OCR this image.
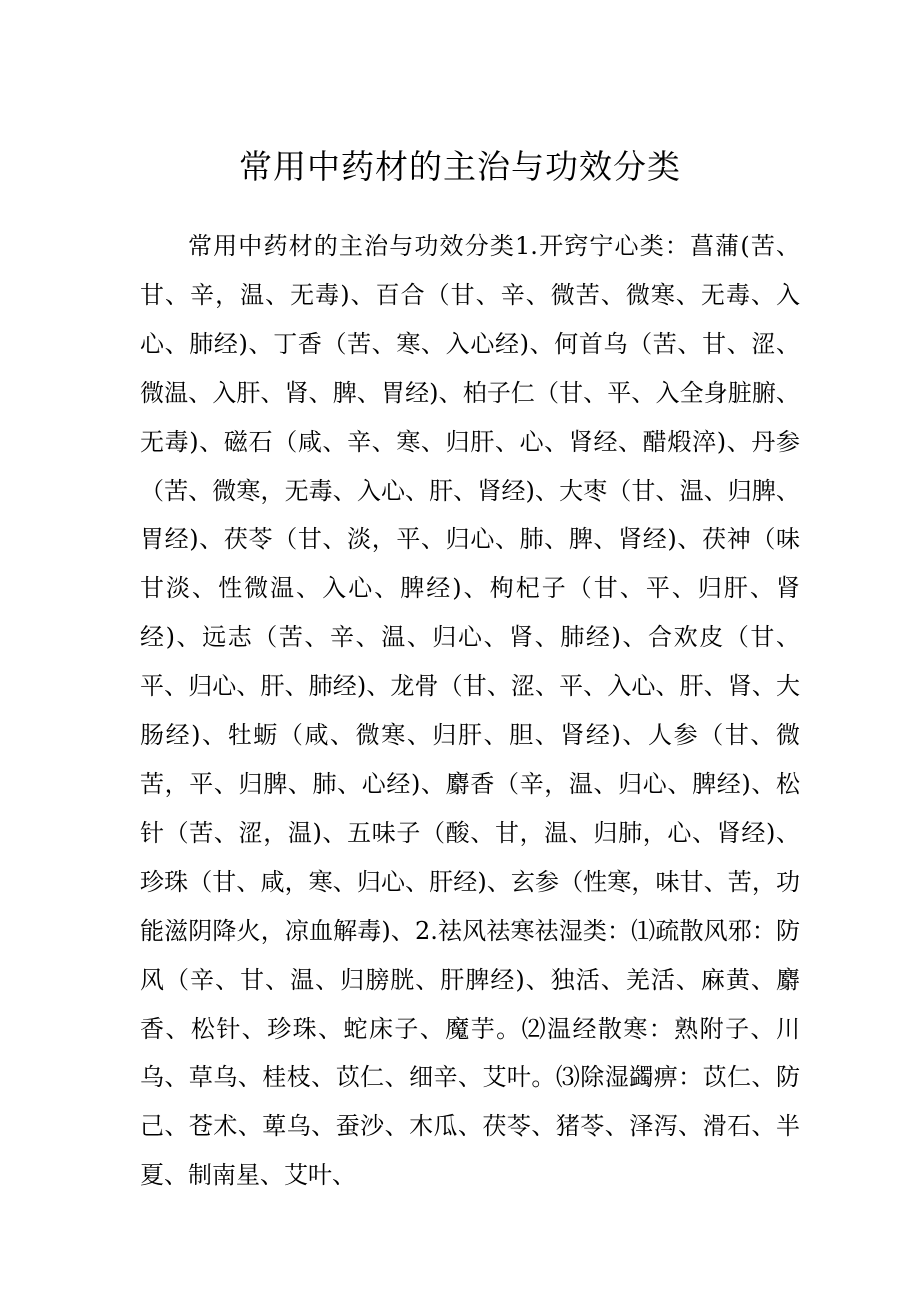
常用中药材的主治与功效分类

常用中药材的主治与功效分类1.开窍宁心类：菖蒲(苦、甘、辛，温、无毒)、百合（甘、辛、微苦、微寒、无毒、入心、肺经)、丁香（苦、寒、入心经)、何首乌（苦、甘、涩、微温、入肝、肾、脾、胃经)、柏子仁（甘、平、入全身脏腑、无毒)、磁石（咸、辛、寒、归肝、心、肾经、醋煅淬)、丹参（苦、微寒，无毒、入心、肝、肾经)、大枣（甘、温、归脾、胃经)、茯苓（甘、淡，平、归心、肺、脾、肾经)、茯神（味甘淡、性微温、入心、脾经)、枸杞子（甘、平、归肝、肾经)、远志（苦、辛、温、归心、肾、肺经)、合欢皮（甘、平、归心、肝、肺经)、龙骨（甘、涩、平、入心、肝、肾、大肠经)、牡蛎（咸、微寒、归肝、胆、肾经)、人参（甘、微苦，平、归脾、肺、心经)、麝香（辛，温、归心、脾经)、松针（苦、涩，温)、五味子（酸、甘，温、归肺，心、肾经)、珍珠（甘、咸，寒、归心、肝经)、玄参（性寒，味甘、苦，功能滋阴降火，凉血解毒)、2.祛风祛寒祛湿类：⑴疏散风邪：防风（辛、甘、温、归膀胱、肝脾经)、独活、羌活、麻黄、麝香、松针、珍珠、蛇床子、魔芋。⑵温经散寒：熟附子、川乌、草乌、桂枝、苡仁、细辛、艾叶。⑶除湿蠲痹：苡仁、防己、苍术、萆乌、蚕沙、木瓜、茯苓、猪苓、泽泻、滑石、半夏、制南星、艾叶、
